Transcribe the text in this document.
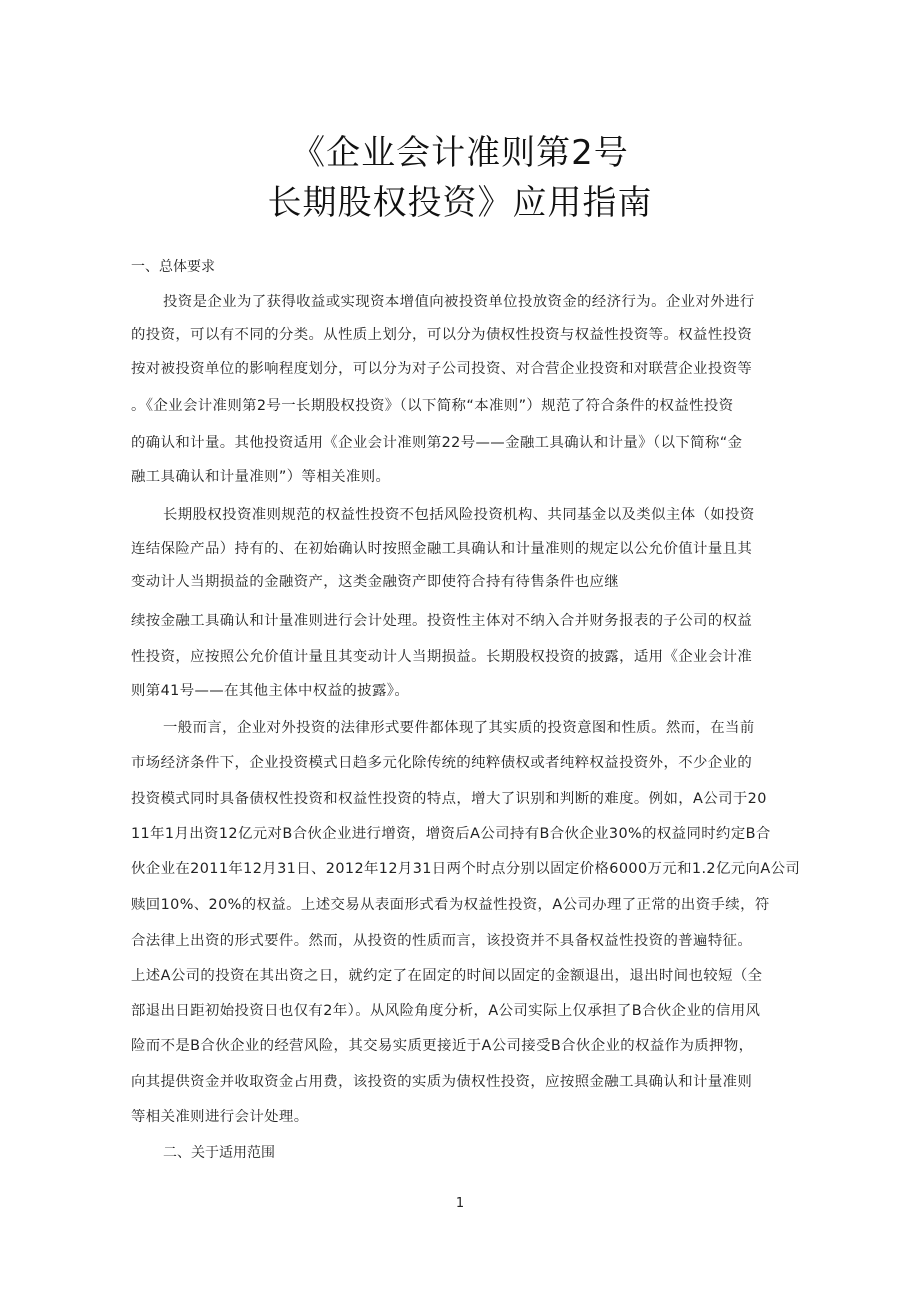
《企业会计准则第2号
长期股权投资》应用指南
一、总体要求
投资是企业为了获得收益或实现资本增值向被投资单位投放资金的经济行为。企业对外进行
的投资，可以有不同的分类。从性质上划分，可以分为债权性投资与权益性投资等。权益性投资
按对被投资单位的影响程度划分，可以分为对子公司投资、对合营企业投资和对联营企业投资等
。《企业会计准则第2号一长期股权投资》（以下简称“本准则”）规范了符合条件的权益性投资
的确认和计量。其他投资适用《企业会计准则第22号——金融工具确认和计量》（以下简称“金
融工具确认和计量准则”）等相关准则。
长期股权投资准则规范的权益性投资不包括风险投资机构、共同基金以及类似主体（如投资
连结保险产品）持有的、在初始确认时按照金融工具确认和计量准则的规定以公允价值计量且其
变动计人当期损益的金融资产，这类金融资产即使符合持有待售条件也应继
续按金融工具确认和计量准则进行会计处理。投资性主体对不纳入合并财务报表的子公司的权益
性投资，应按照公允价值计量且其变动计人当期损益。长期股权投资的披露，适用《企业会计准
则第41号——在其他主体中权益的披露》。
一般而言，企业对外投资的法律形式要件都体现了其实质的投资意图和性质。然而，在当前
市场经济条件下，企业投资模式日趋多元化除传统的纯粹债权或者纯粹权益投资外，不少企业的
投资模式同时具备债权性投资和权益性投资的特点，增大了识别和判断的难度。例如，A公司于20
11年1月出资12亿元对B合伙企业进行增资，增资后A公司持有B合伙企业30%的权益同时约定B合
伙企业在2011年12月31日、2012年12月31日两个时点分别以固定价格6000万元和1.2亿元向A公司
赎回10%、20%的权益。上述交易从表面形式看为权益性投资，A公司办理了正常的出资手续，符
合法律上出资的形式要件。然而，从投资的性质而言，该投资并不具备权益性投资的普遍特征。
上述A公司的投资在其出资之日，就约定了在固定的时间以固定的金额退出，退出时间也较短（全
部退出日距初始投资日也仅有2年）。从风险角度分析，A公司实际上仅承担了B合伙企业的信用风
险而不是B合伙企业的经营风险，其交易实质更接近于A公司接受B合伙企业的权益作为质押物，
向其提供资金并收取资金占用费，该投资的实质为债权性投资，应按照金融工具确认和计量准则
等相关准则进行会计处理。
二、关于适用范围
1
